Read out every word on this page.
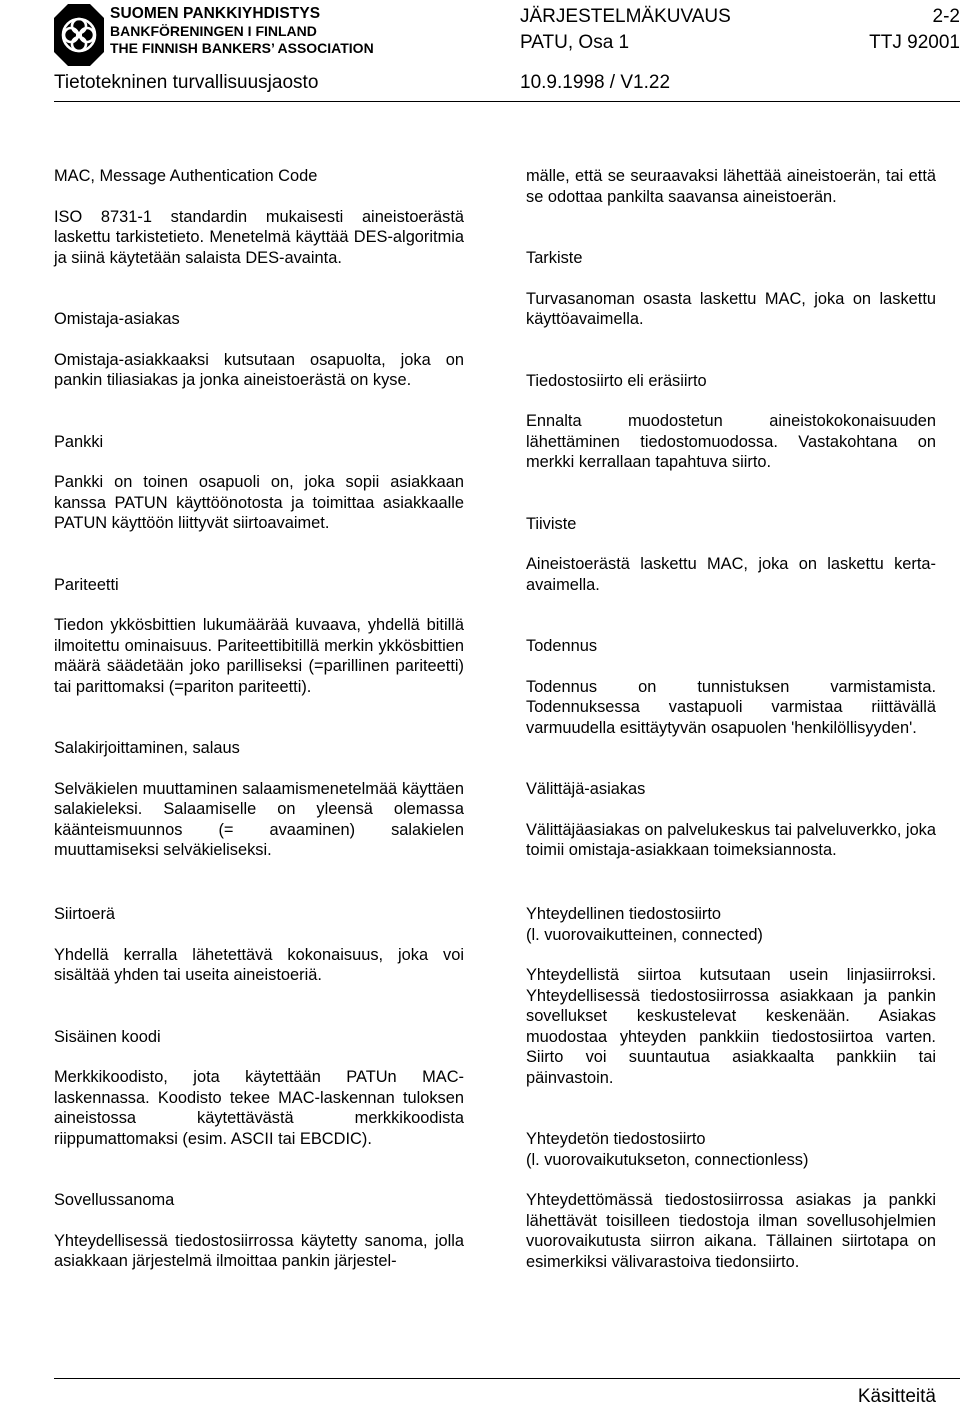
SUOMEN PANKKIYHDISTYS
BANKFÖRENINGEN I FINLAND
THE FINNISH BANKERS’ ASSOCIATION
JÄRJESTELMÄKUVAUS	2-2
PATU, Osa 1	TTJ 92001
Tietotekninen turvallisuusjaosto	10.9.1998 / V1.22

MAC, Message Authentication Code

ISO 8731-1 standardin mukaisesti aineistoerästä laskettu tarkistetieto. Menetelmä käyttää DES-algoritmia ja siinä käytetään salaista DES-avainta.

Omistaja-asiakas

Omistaja-asiakkaaksi kutsutaan osapuolta, joka on pankin tiliasiakas ja jonka aineistoerästä on kyse.

Pankki

Pankki on toinen osapuoli on, joka sopii asiakkaan kanssa PATUN käyttöönotosta ja toimittaa asiakkaalle PATUN käyttöön liittyvät siirtoavaimet.

Pariteetti

Tiedon ykkösbittien lukumäärää kuvaava, yhdellä bitillä ilmoitettu ominaisuus. Pariteettibitillä merkin ykkösbittien määrä säädetään joko parilliseksi (=parillinen pariteetti) tai parittomaksi (=pariton pariteetti).

Salakirjoittaminen, salaus

Selväkielen muuttaminen salaamismenetelmää käyttäen salakieleksi. Salaamiselle on yleensä olemassa käänteismuunnos (= avaaminen) salakielen muuttamiseksi selväkieliseksi.

mälle, että se seuraavaksi lähettää aineistoerän, tai että se odottaa pankilta saavansa aineistoerän.

Tarkiste

Turvasanoman osasta laskettu MAC, joka on laskettu käyttöavaimella.

Tiedostosiirto eli eräsiirto

Ennalta muodostetun aineistokokonaisuuden lähettäminen tiedostomuodossa. Vastakohtana on merkki kerrallaan tapahtuva siirto.

Tiiviste

Aineistoerästä laskettu MAC, joka on laskettu kerta-avaimella.

Todennus

Todennus on tunnistuksen varmistamista. Todennuksessa vastapuoli varmistaa riittävällä varmuudella esittäytyvän osapuolen 'henkilöllisyyden'.

Välittäjä-asiakas

Välittäjäasiakas on palvelukeskus tai palveluverkko, joka toimii omistaja-asiakkaan toimeksiannosta.

Siirtoerä

Yhdellä kerralla lähetettävä kokonaisuus, joka voi sisältää yhden tai useita aineistoeriä.

Sisäinen koodi

Merkkikoodisto, jota käytettään PATUn MAC-laskennassa. Koodisto tekee MAC-laskennan tuloksen aineistossa käytettävästä merkkikoodista riippumattomaksi (esim. ASCII tai EBCDIC).

Sovellussanoma

Yhteydellisessä tiedostosiirrossa käytetty sanoma, jolla asiakkaan järjestelmä ilmoittaa pankin järjestel-

Yhteydellinen tiedostosiirto

(l. vuorovaikutteinen, connected)

Yhteydellistä siirtoa kutsutaan usein linjasiirroksi. Yhteydellisessä tiedostosiirrossa asiakkaan ja pankin sovellukset keskustelevat keskenään. Asiakas muodostaa yhteyden pankkiin tiedostosiirtoa varten. Siirto voi suuntautua asiakkaalta pankkiin tai päinvastoin.

Yhteydetön tiedostosiirto

(l. vuorovaikutukseton, connectionless)

Yhteydettömässä tiedostosiirrossa asiakas ja pankki lähettävät toisilleen tiedostoja ilman sovellusohjelmien vuorovaikutusta siirron aikana. Tällainen siirtotapa on esimerkiksi välivarastoiva tiedonsiirto.

Käsitteitä
